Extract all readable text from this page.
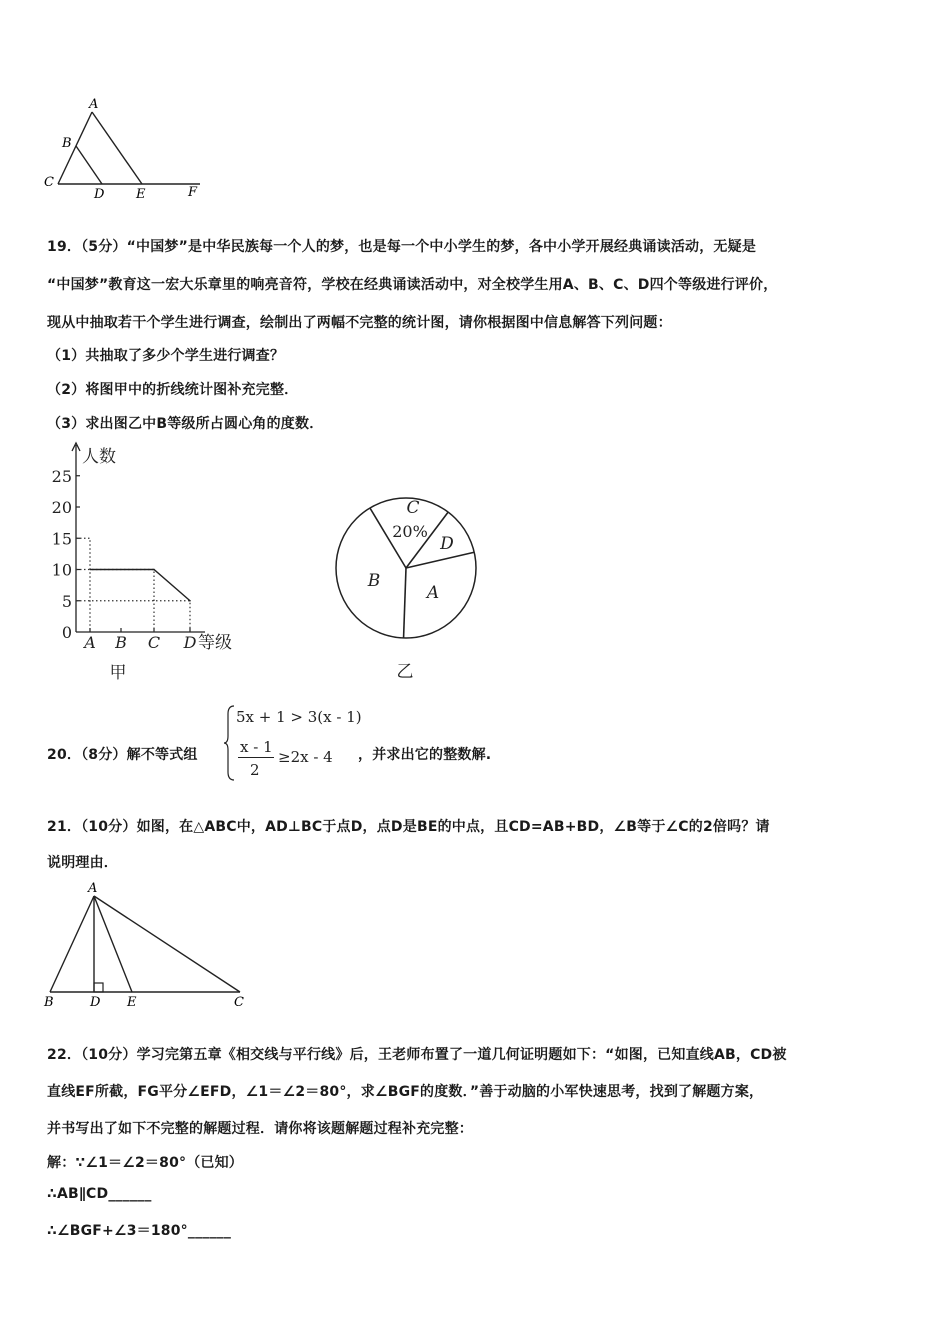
A
B
C
D E	F
19．（5分）“中国梦”是中华民族每一个人的梦，也是每一个中小学生的梦，各中小学开展经典诵读活动，无疑是
“中国梦”教育这一宏大乐章里的响亮音符，学校在经典诵读活动中，对全校学生用A、B、C、D四个等级进行评价，
现从中抽取若干个学生进行调查，绘制出了两幅不完整的统计图，请你根据图中信息解答下列问题：
（1）共抽取了多少个学生进行调查？
（2）将图甲中的折线统计图补充完整．
（3）求出图乙中B等级所占圆心角的度数．
人数
等级
0
5
10
15
20
25
A B C D
甲
C
20%
D
A
B
乙
20．（8分）解不等式组
5x + 1 > 3(x - 1)
x - 1
2
≥2x - 4 ，并求出它的整数解.
21．（10分）如图，在△ABC中，AD⊥BC于点D，点D是BE的中点，且CD=AB+BD，∠B等于∠C的2倍吗？请
说明理由．
A
B	D E	C
22．（10分）学习完第五章《相交线与平行线》后，王老师布置了一道几何证明题如下：“如图，已知直线AB，CD被
直线EF所截，FG平分∠EFD，∠1＝∠2＝80°，求∠BGF的度数．”善于动脑的小军快速思考，找到了解题方案，
并书写出了如下不完整的解题过程．请你将该题解题过程补充完整：
解：∵∠1＝∠2＝80°（已知）
∴AB∥CD______
∴∠BGF+∠3＝180°______
